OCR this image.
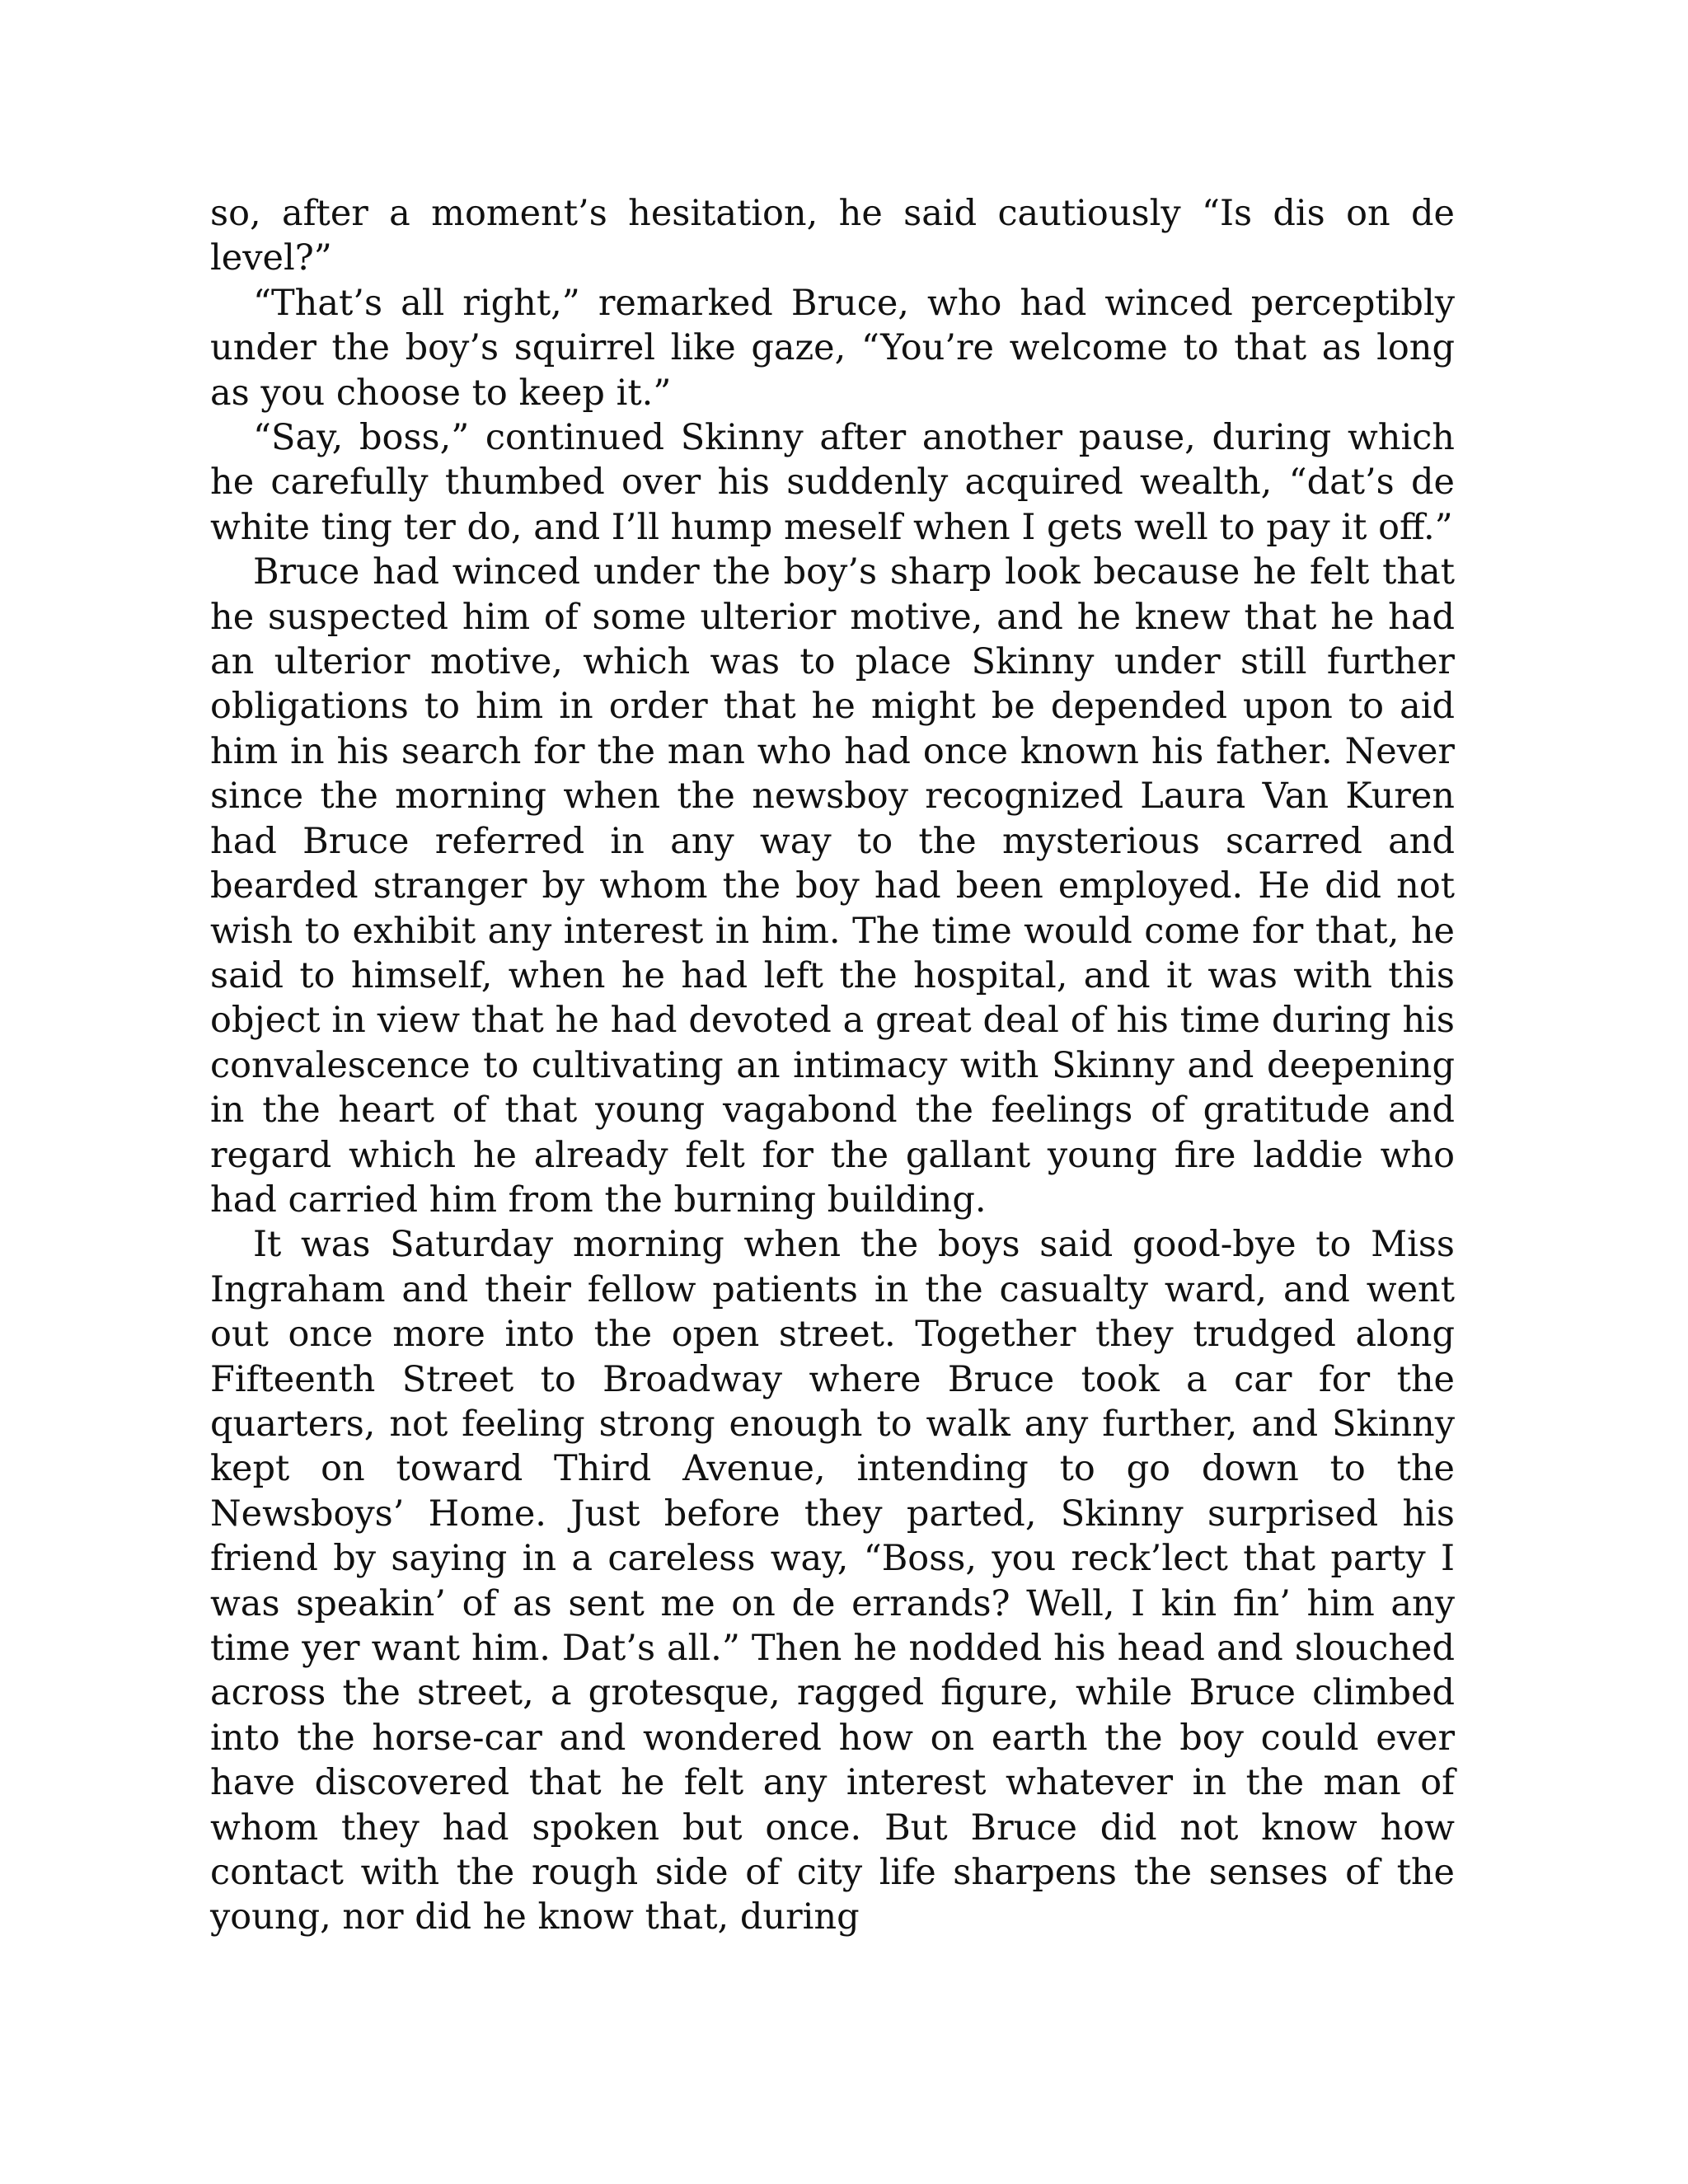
so, after a moment’s hesitation, he said cautiously “Is dis on de level?”

“That’s all right,” remarked Bruce, who had winced perceptibly under the boy’s squirrel like gaze, “You’re welcome to that as long as you choose to keep it.”

“Say, boss,” continued Skinny after another pause, during which he carefully thumbed over his suddenly acquired wealth, “dat’s de white ting ter do, and I’ll hump meself when I gets well to pay it off.”

Bruce had winced under the boy’s sharp look because he felt that he suspected him of some ulterior motive, and he knew that he had an ulterior motive, which was to place Skinny under still further obligations to him in order that he might be depended upon to aid him in his search for the man who had once known his father. Never since the morning when the newsboy recognized Laura Van Kuren had Bruce referred in any way to the mysterious scarred and bearded stranger by whom the boy had been employed. He did not wish to exhibit any interest in him. The time would come for that, he said to himself, when he had left the hospital, and it was with this object in view that he had devoted a great deal of his time during his convalescence to cultivating an intimacy with Skinny and deepening in the heart of that young vagabond the feelings of gratitude and regard which he already felt for the gallant young fire laddie who had carried him from the burning building.

It was Saturday morning when the boys said good-bye to Miss Ingraham and their fellow patients in the casualty ward, and went out once more into the open street. Together they trudged along Fifteenth Street to Broadway where Bruce took a car for the quarters, not feeling strong enough to walk any further, and Skinny kept on toward Third Avenue, intending to go down to the Newsboys’ Home. Just before they parted, Skinny surprised his friend by saying in a careless way, “Boss, you reck’lect that party I was speakin’ of as sent me on de errands? Well, I kin fin’ him any time yer want him. Dat’s all.” Then he nodded his head and slouched across the street, a grotesque, ragged figure, while Bruce climbed into the horse-car and wondered how on earth the boy could ever have discovered that he felt any interest whatever in the man of whom they had spoken but once. But Bruce did not know how contact with the rough side of city life sharpens the senses of the young, nor did he know that, during
